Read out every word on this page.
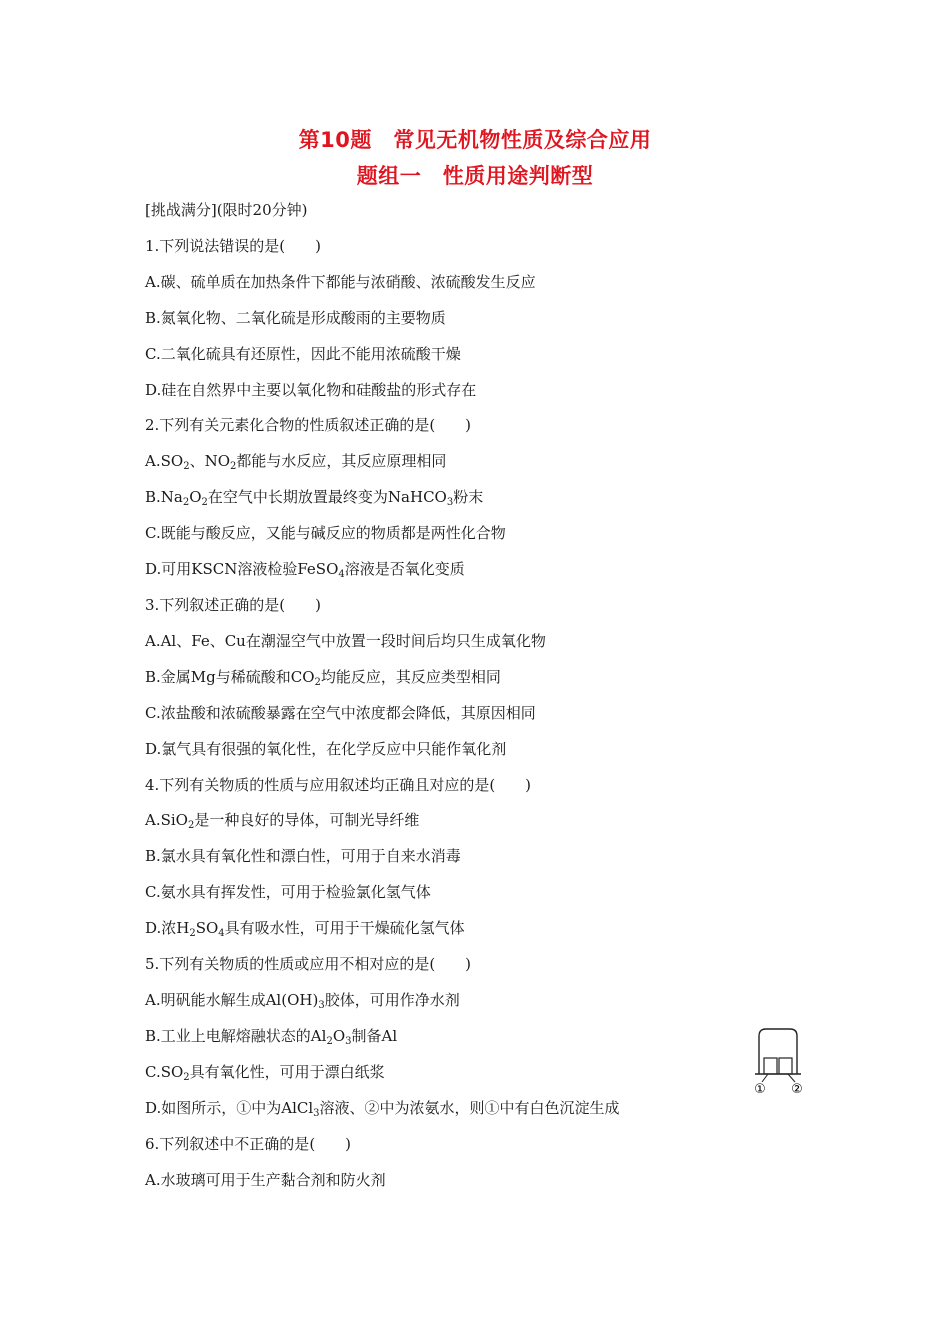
第10题　常见无机物性质及综合应用
题组一　性质用途判断型
[挑战满分](限时20分钟)
1.下列说法错误的是(　　)
A.碳、硫单质在加热条件下都能与浓硝酸、浓硫酸发生反应
B.氮氧化物、二氧化硫是形成酸雨的主要物质
C.二氧化硫具有还原性，因此不能用浓硫酸干燥
D.硅在自然界中主要以氧化物和硅酸盐的形式存在
2.下列有关元素化合物的性质叙述正确的是(　　)
$A.SO_2$、$NO_2$都能与水反应，其反应原理相同
$B.Na_2O_2$在空气中长期放置最终变为NaHCO$_3$粉末
C.既能与酸反应，又能与碱反应的物质都是两性化合物
D.可用KSCN溶液检验FeSO$_4$溶液是否氧化变质
3.下列叙述正确的是(　　)
A.Al、Fe、Cu在潮湿空气中放置一段时间后均只生成氧化物
B.金属Mg与稀硫酸和$CO_2$均能反应，其反应类型相同
C.浓盐酸和浓硫酸暴露在空气中浓度都会降低，其原因相同
D.氯气具有很强的氧化性，在化学反应中只能作氧化剂
4.下列有关物质的性质与应用叙述均正确且对应的是(　　)
A.SiO$_2$是一种良好的导体，可制光导纤维
B.氯水具有氧化性和漂白性，可用于自来水消毒
C.氨水具有挥发性，可用于检验氯化氢气体
D.浓$H_2SO_4$具有吸水性，可用于干燥硫化氢气体
5.下列有关物质的性质或应用不相对应的是(　　)
A.明矾能水解生成$Al(OH)_3$胶体，可用作净水剂
B.工业上电解熔融状态的$Al_2O_3$制备Al
$C.SO_2$具有氧化性，可用于漂白纸浆
D.如图所示，①中为AlCl$_3$溶液、②中为浓氨水，则①中有白色沉淀生成
6.下列叙述中不正确的是(　　)
A.水玻璃可用于生产黏合剂和防火剂
① ②
